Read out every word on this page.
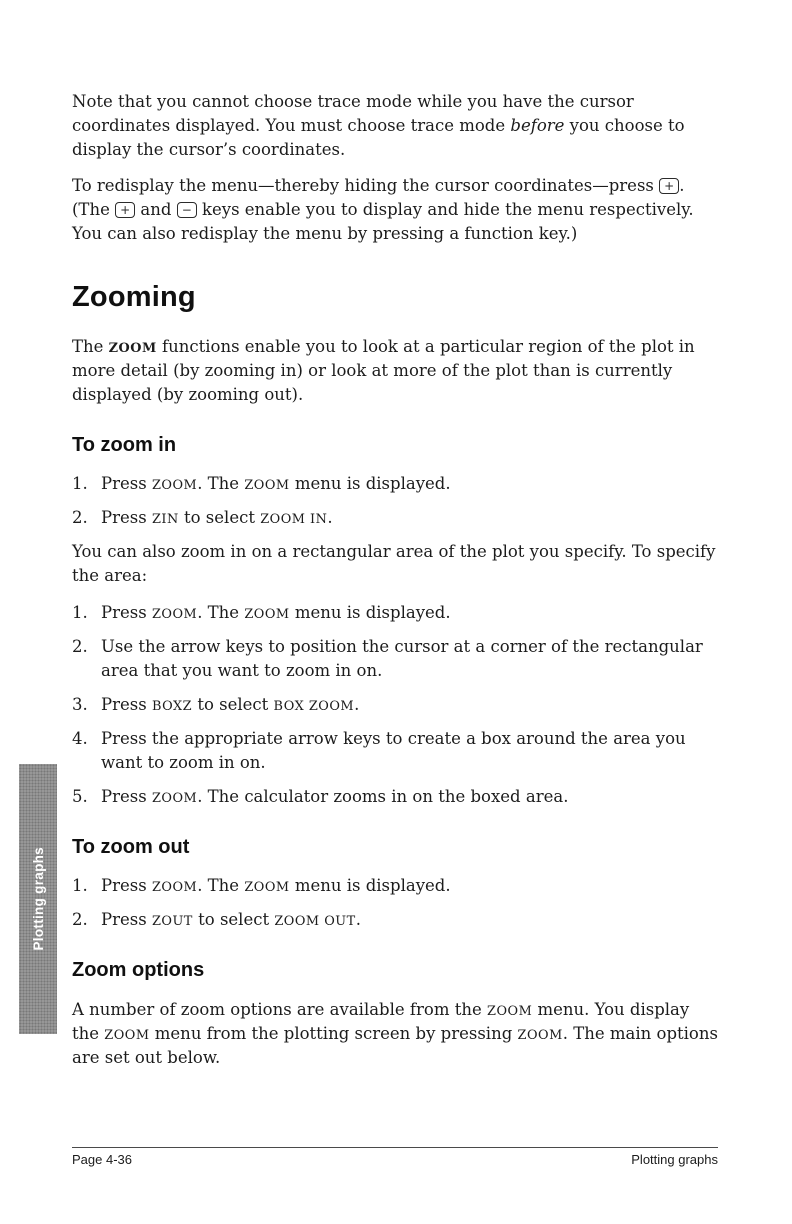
Note that you cannot choose trace mode while you have the cursor coordinates displayed. You must choose trace mode before you choose to display the cursor’s coordinates.

To redisplay the menu—thereby hiding the cursor coordinates—press + . (The + and − keys enable you to display and hide the menu respectively. You can also redisplay the menu by pressing a function key.)

Zooming

The ZOOM functions enable you to look at a particular region of the plot in more detail (by zooming in) or look at more of the plot than is currently displayed (by zooming out).

To zoom in
1. Press ZOOM. The ZOOM menu is displayed.
2. Press ZIN to select ZOOM IN.

You can also zoom in on a rectangular area of the plot you specify. To specify the area:

1. Press ZOOM. The ZOOM menu is displayed.
2. Use the arrow keys to position the cursor at a corner of the rectangular area that you want to zoom in on.
3. Press BOXZ to select BOX ZOOM.
4. Press the appropriate arrow keys to create a box around the area you want to zoom in on.
5. Press ZOOM. The calculator zooms in on the boxed area.
To zoom out
1. Press ZOOM. The ZOOM menu is displayed.
2. Press ZOUT to select ZOOM OUT.
Zoom options

A number of zoom options are available from the ZOOM menu. You display the ZOOM menu from the plotting screen by pressing ZOOM. The main options are set out below.

Plotting graphs
Page 4-36	Plotting graphs
